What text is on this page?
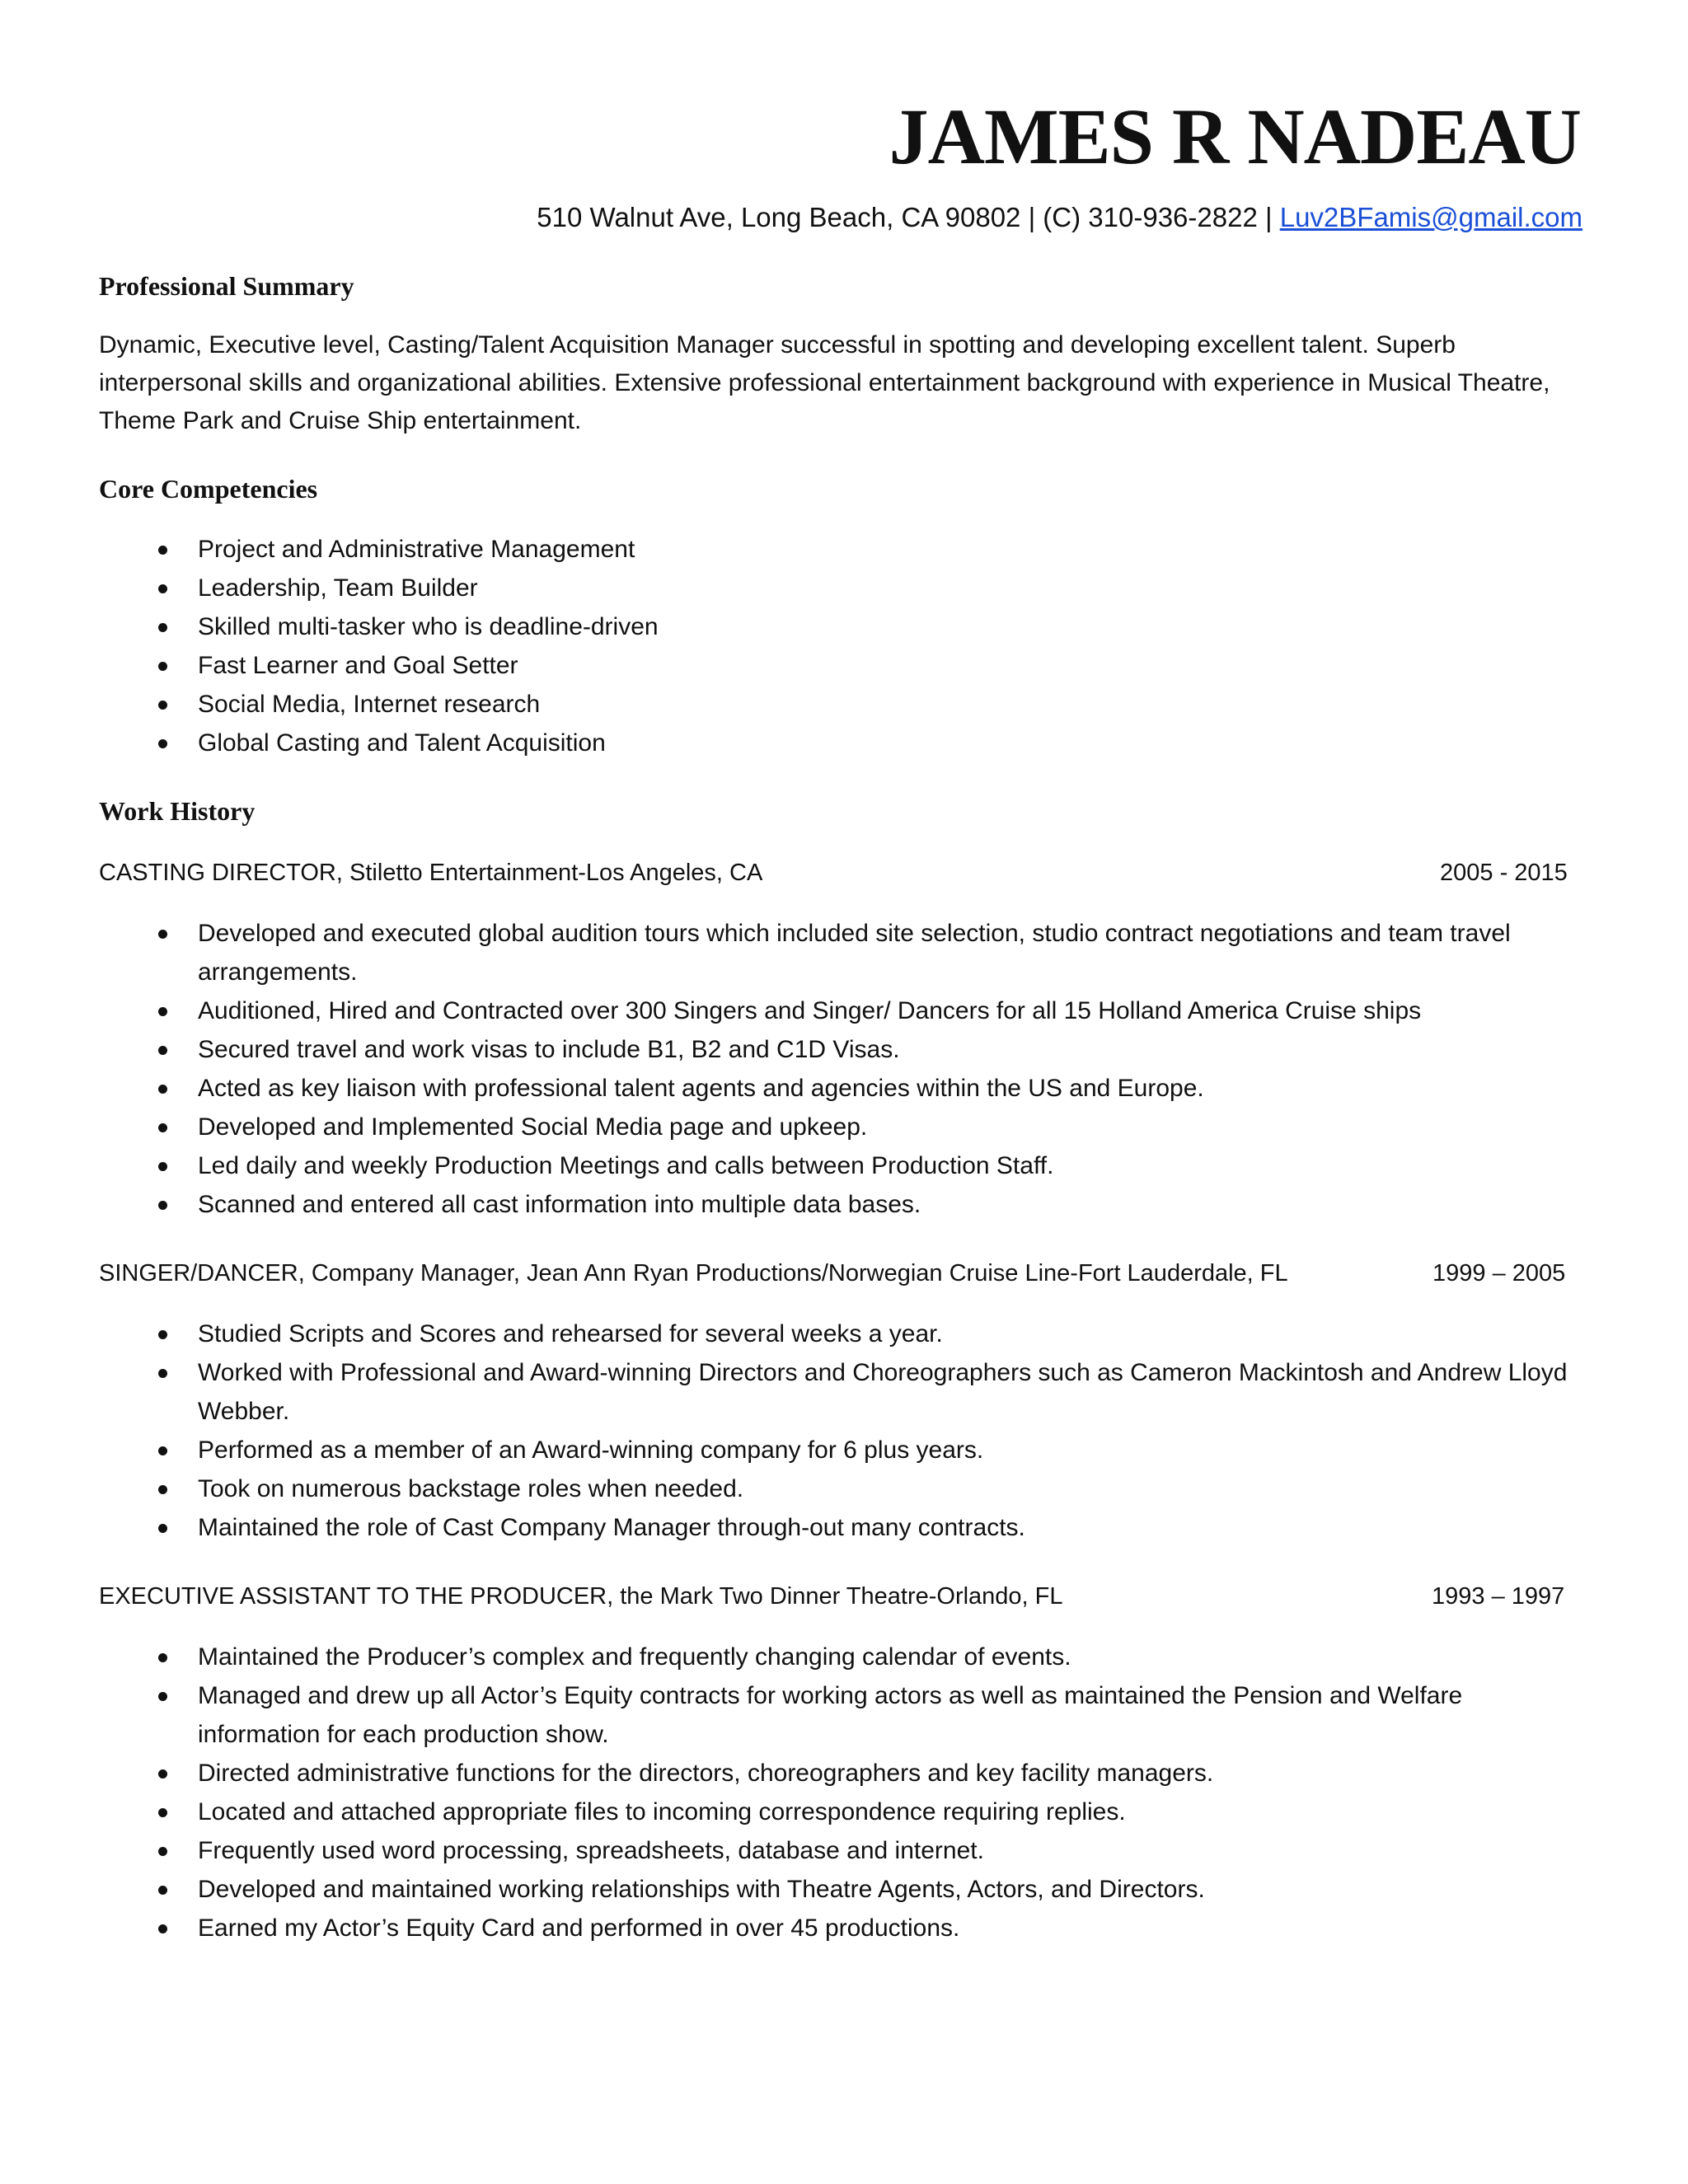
JAMES R NADEAU
510 Walnut Ave, Long Beach, CA 90802 | (C) 310-936-2822 | Luv2BFamis@gmail.com
Professional Summary

Dynamic, Executive level, Casting/Talent Acquisition Manager successful in spotting and developing excellent talent. Superb interpersonal skills and organizational abilities. Extensive professional entertainment background with experience in Musical Theatre, Theme Park and Cruise Ship entertainment.

Core Competencies
Project and Administrative Management
Leadership, Team Builder
Skilled multi-tasker who is deadline-driven
Fast Learner and Goal Setter
Social Media, Internet research
Global Casting and Talent Acquisition
Work History
CASTING DIRECTOR, Stiletto Entertainment-Los Angeles, CA	2005 - 2015
Developed and executed global audition tours which included site selection, studio contract negotiations and team travel arrangements.
Auditioned, Hired and Contracted over 300 Singers and Singer/ Dancers for all 15 Holland America Cruise ships
Secured travel and work visas to include B1, B2 and C1D Visas.
Acted as key liaison with professional talent agents and agencies within the US and Europe.
Developed and Implemented Social Media page and upkeep.
Led daily and weekly Production Meetings and calls between Production Staff.
Scanned and entered all cast information into multiple data bases.
SINGER/DANCER, Company Manager, Jean Ann Ryan Productions/Norwegian Cruise Line-Fort Lauderdale, FL	1999 – 2005
Studied Scripts and Scores and rehearsed for several weeks a year.
Worked with Professional and Award-winning Directors and Choreographers such as Cameron Mackintosh and Andrew Lloyd Webber.
Performed as a member of an Award-winning company for 6 plus years.
Took on numerous backstage roles when needed.
Maintained the role of Cast Company Manager through-out many contracts.
EXECUTIVE ASSISTANT TO THE PRODUCER, the Mark Two Dinner Theatre-Orlando, FL	1993 – 1997
Maintained the Producer’s complex and frequently changing calendar of events.
Managed and drew up all Actor’s Equity contracts for working actors as well as maintained the Pension and Welfare information for each production show.
Directed administrative functions for the directors, choreographers and key facility managers.
Located and attached appropriate files to incoming correspondence requiring replies.
Frequently used word processing, spreadsheets, database and internet.
Developed and maintained working relationships with Theatre Agents, Actors, and Directors.
Earned my Actor’s Equity Card and performed in over 45 productions.
